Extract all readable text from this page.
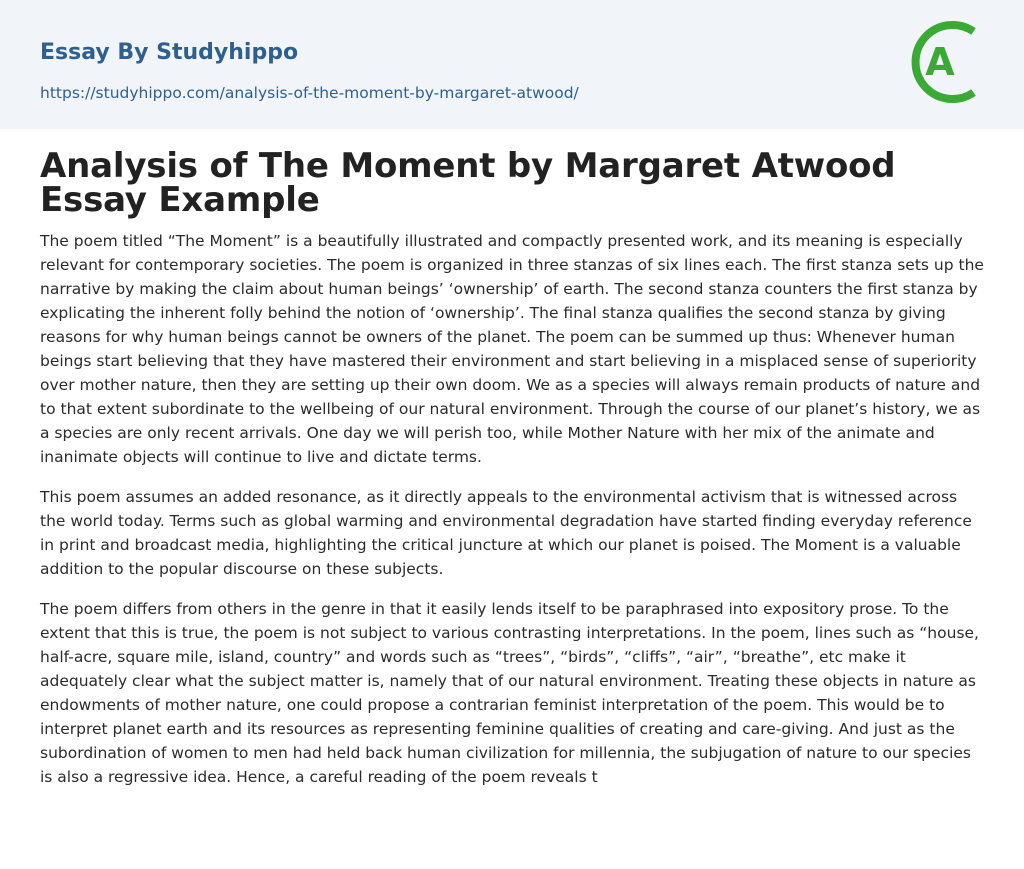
Essay By Studyhippo
https://studyhippo.com/analysis-of-the-moment-by-margaret-atwood/
A
Analysis of The Moment by Margaret Atwood Essay Example

The poem titled “The Moment” is a beautifully illustrated and compactly presented work, and its meaning is especially relevant for contemporary societies. The poem is organized in three stanzas of six lines each. The first stanza sets up the narrative by making the claim about human beings’ ‘ownership’ of earth. The second stanza counters the first stanza by explicating the inherent folly behind the notion of ‘ownership’. The final stanza qualifies the second stanza by giving reasons for why human beings cannot be owners of the planet. The poem can be summed up thus: Whenever human beings start believing that they have mastered their environment and start believing in a misplaced sense of superiority over mother nature, then they are setting up their own doom. We as a species will always remain products of nature and to that extent subordinate to the wellbeing of our natural environment. Through the course of our planet’s history, we as a species are only recent arrivals. One day we will perish too, while Mother Nature with her mix of the animate and inanimate objects will continue to live and dictate terms.

This poem assumes an added resonance, as it directly appeals to the environmental activism that is witnessed across the world today. Terms such as global warming and environmental degradation have started finding everyday reference in print and broadcast media, highlighting the critical juncture at which our planet is poised. The Moment is a valuable addition to the popular discourse on these subjects.

The poem differs from others in the genre in that it easily lends itself to be paraphrased into expository prose. To the extent that this is true, the poem is not subject to various contrasting interpretations. In the poem, lines such as “house, half-acre, square mile, island, country” and words such as “trees”, “birds”, “cliffs”, “air”, “breathe”, etc make it adequately clear what the subject matter is, namely that of our natural environment. Treating these objects in nature as endowments of mother nature, one could propose a contrarian feminist interpretation of the poem. This would be to interpret planet earth and its resources as representing feminine qualities of creating and care-giving. And just as the subordination of women to men had held back human civilization for millennia, the subjugation of nature to our species is also a regressive idea. Hence, a careful reading of the poem reveals t
